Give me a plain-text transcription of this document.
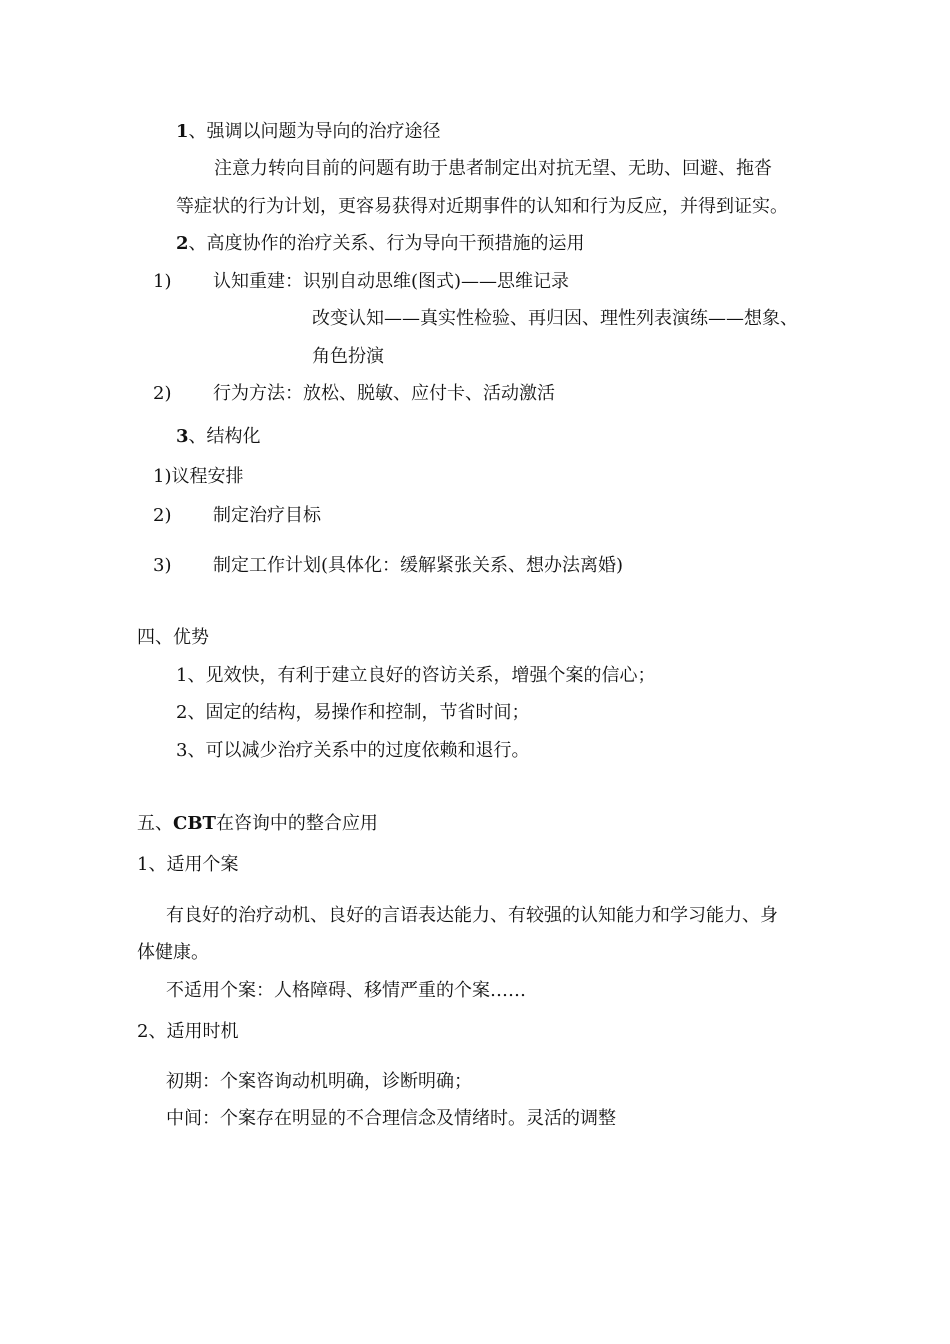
1、强调以问题为导向的治疗途径
注意力转向目前的问题有助于患者制定出对抗无望、无助、回避、拖沓
等症状的行为计划，更容易获得对近期事件的认知和行为反应，并得到证实。
2、高度协作的治疗关系、行为导向干预措施的运用
1) 认知重建：识别自动思维(图式)——思维记录
改变认知——真实性检验、再归因、理性列表演练——想象、
角色扮演
2) 行为方法：放松、脱敏、应付卡、活动激活
3、结构化
1)议程安排
2) 制定治疗目标
3) 制定工作计划(具体化：缓解紧张关系、想办法离婚)
四、优势
1、见效快，有利于建立良好的咨访关系，增强个案的信心；
2、固定的结构，易操作和控制，节省时间；
3、可以减少治疗关系中的过度依赖和退行。
五、CBT在咨询中的整合应用
1、适用个案
有良好的治疗动机、良好的言语表达能力、有较强的认知能力和学习能力、身
体健康。
不适用个案：人格障碍、移情严重的个案……
2、适用时机
初期：个案咨询动机明确，诊断明确；
中间：个案存在明显的不合理信念及情绪时。灵活的调整
